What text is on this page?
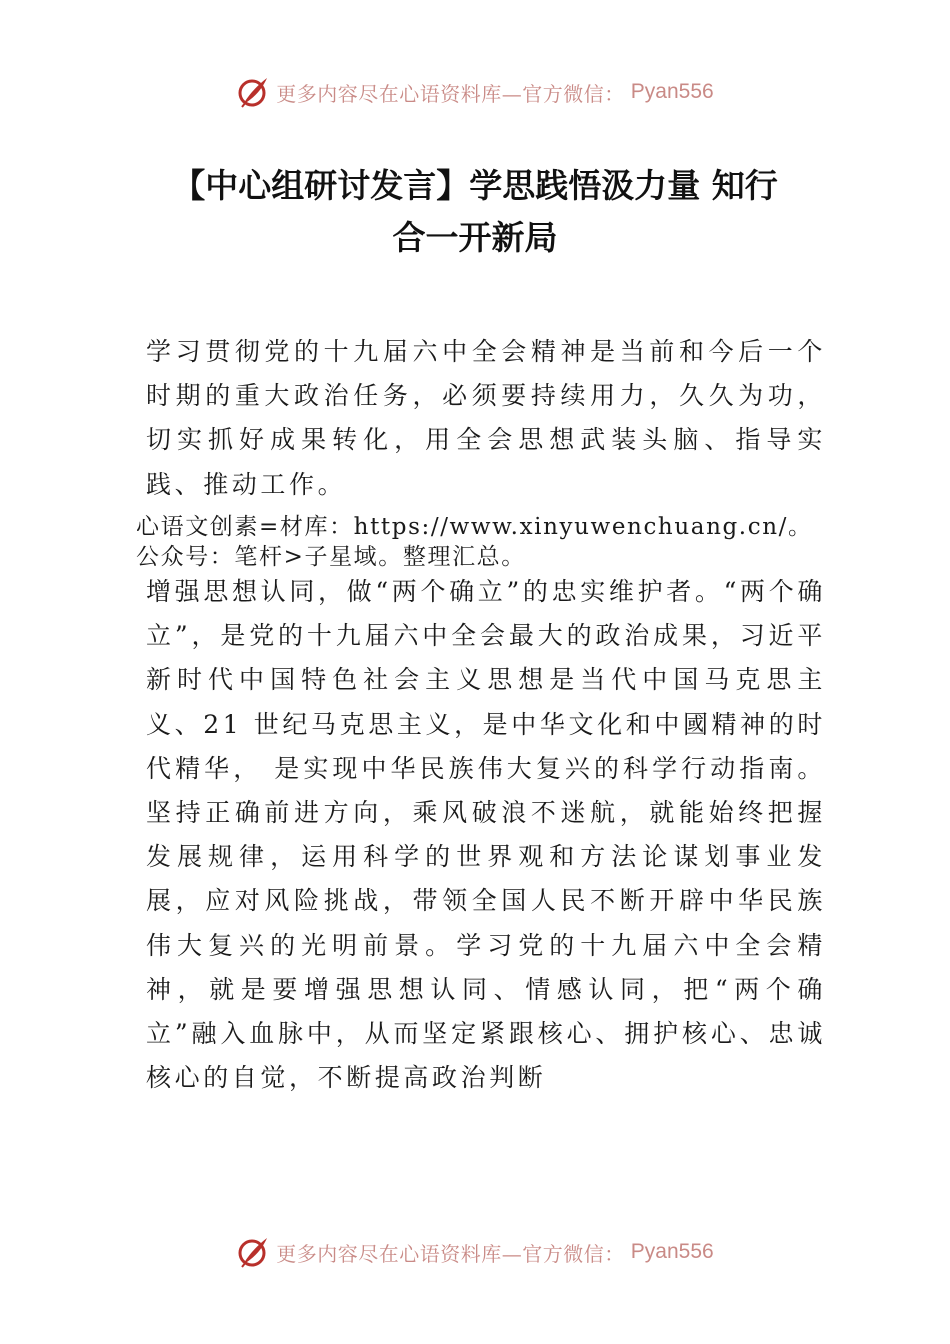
更多内容尽在心语资料库—官方微信： Pyan556
【中心组研讨发言】学思践悟汲力量 知行
合一开新局

学习贯彻党的十九届六中全会精神是当前和今后一个时期的重大政治任务，必须要持续用力，久久为功，切实抓好成果转化，用全会思想武装头脑、指导实践、推动工作。

心语文创素=材库：https://www.xinyuwenchuang.cn/。公众号：笔杆>子星域。整理汇总。

增强思想认同，做“两个确立”的忠实维护者。“两个确立”，是党的十九届六中全会最大的政治成果，习近平新时代中国特色社会主义思想是当代中国马克思主义、21 世纪马克思主义，是中华文化和中國精神的时代精华， 是实现中华民族伟大复兴的科学行动指南。坚持正确前进方向，乘风破浪不迷航，就能始终把握发展规律，运用科学的世界观和方法论谋划事业发展，应对风险挑战，带领全国人民不断开辟中华民族伟大复兴的光明前景。学习党的十九届六中全会精神，就是要增强思想认同、情感认同，把“两个确立”融入血脉中，从而坚定紧跟核心、拥护核心、忠诚核心的自觉，不断提高政治判断

更多内容尽在心语资料库—官方微信： Pyan556
